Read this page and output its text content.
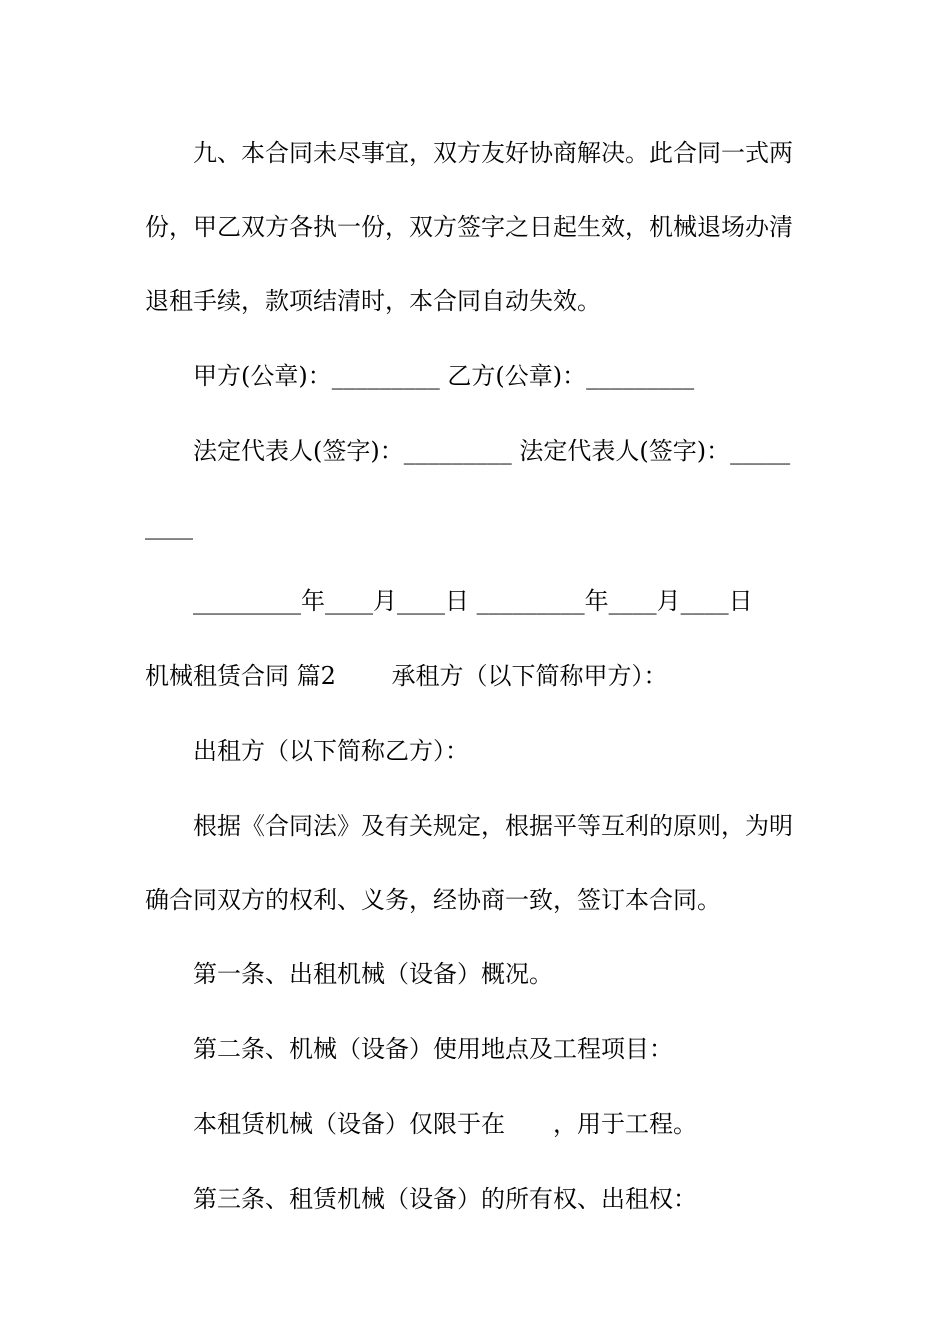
九、本合同未尽事宜，双方友好协商解决。此合同一式两
份，甲乙双方各执一份，双方签字之日起生效，机械退场办清
退租手续，款项结清时，本合同自动失效。
甲方(公章)：_________ 乙方(公章)：_________
法定代表人(签字)：_________ 法定代表人(签字)：_____
____
_________年____月____日 _________年____月____日
机械租赁合同 篇2　　 承租方（以下简称甲方）：
出租方（以下简称乙方）：
根据《合同法》及有关规定，根据平等互利的原则，为明
确合同双方的权利、义务，经协商一致，签订本合同。
第一条、出租机械（设备）概况。
第二条、机械（设备）使用地点及工程项目：
本租赁机械（设备）仅限于在　　，用于工程。
第三条、租赁机械（设备）的所有权、出租权：
